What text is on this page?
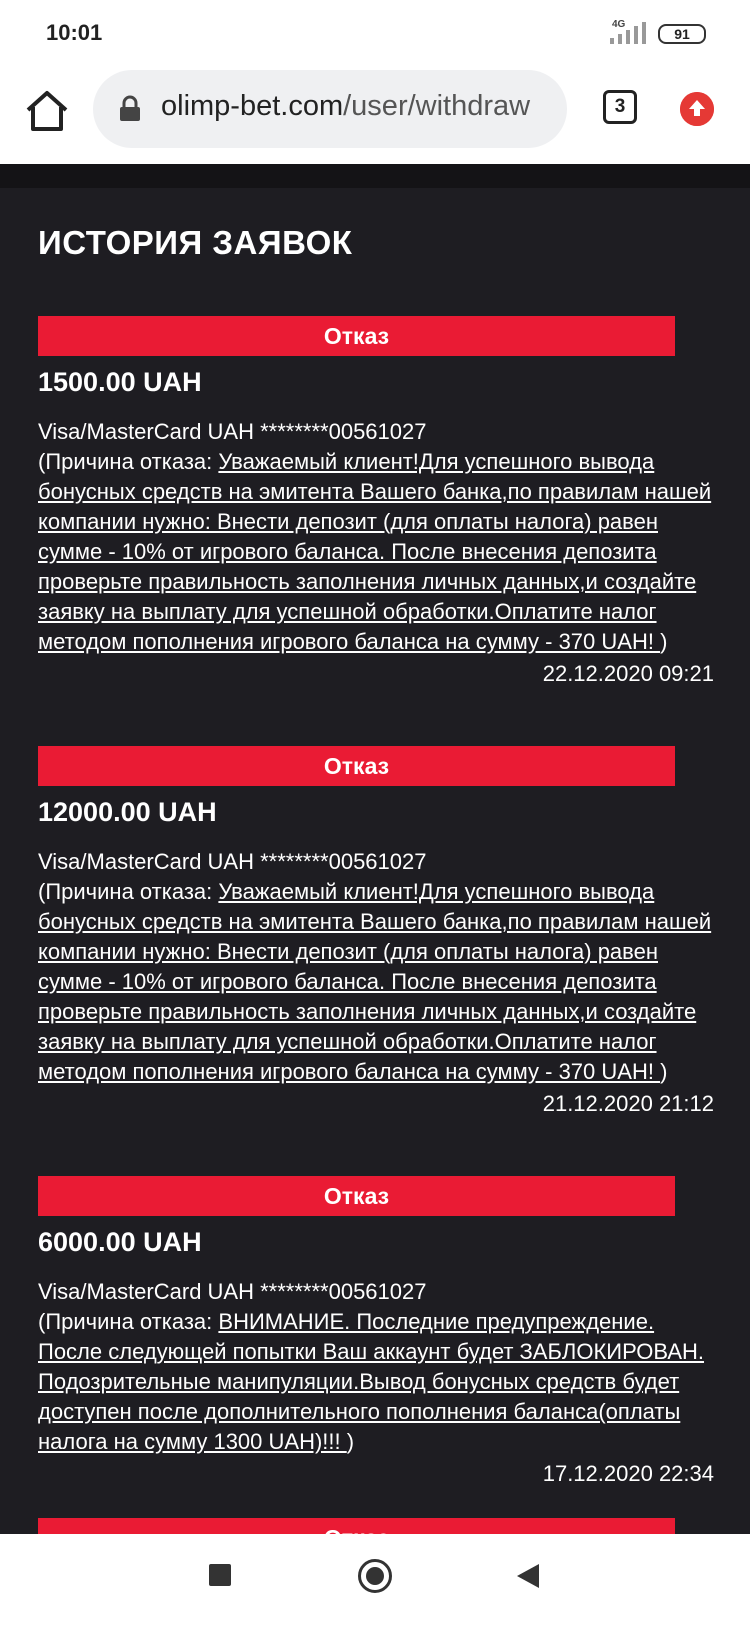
10:01	4G
91
olimp-bet.com/user/withdraw	3
ИСТОРИЯ ЗАЯВОК
Отказ
1500.00 UAH
Visa/MasterCard UAH ********00561027
(Причина отказа: Уважаемый клиент!Для успешного вывода бонусных средств на эмитента Вашего банка,по правилам нашей компании нужно: Внести депозит (для оплаты налога) равен сумме - 10% от игрового баланса. После внесения депозита проверьте правильность заполнения личных данных,и создайте заявку на выплату для успешной обработки.Оплатите налог методом пополнения игрового баланса на сумму - 370 UAH! )
22.12.2020 09:21
Отказ
12000.00 UAH
Visa/MasterCard UAH ********00561027
(Причина отказа: Уважаемый клиент!Для успешного вывода бонусных средств на эмитента Вашего банка,по правилам нашей компании нужно: Внести депозит (для оплаты налога) равен сумме - 10% от игрового баланса. После внесения депозита проверьте правильность заполнения личных данных,и создайте заявку на выплату для успешной обработки.Оплатите налог методом пополнения игрового баланса на сумму - 370 UAH! )
21.12.2020 21:12
Отказ
6000.00 UAH
Visa/MasterCard UAH ********00561027
(Причина отказа: ВНИМАНИЕ. Последние предупреждение. После следующей попытки Ваш аккаунт будет ЗАБЛОКИРОВАН. Подозрительные манипуляции.Вывод бонусных средств будет доступен после дополнительного пополнения баланса(оплаты налога на сумму 1300 UAH)!!! )
17.12.2020 22:34
